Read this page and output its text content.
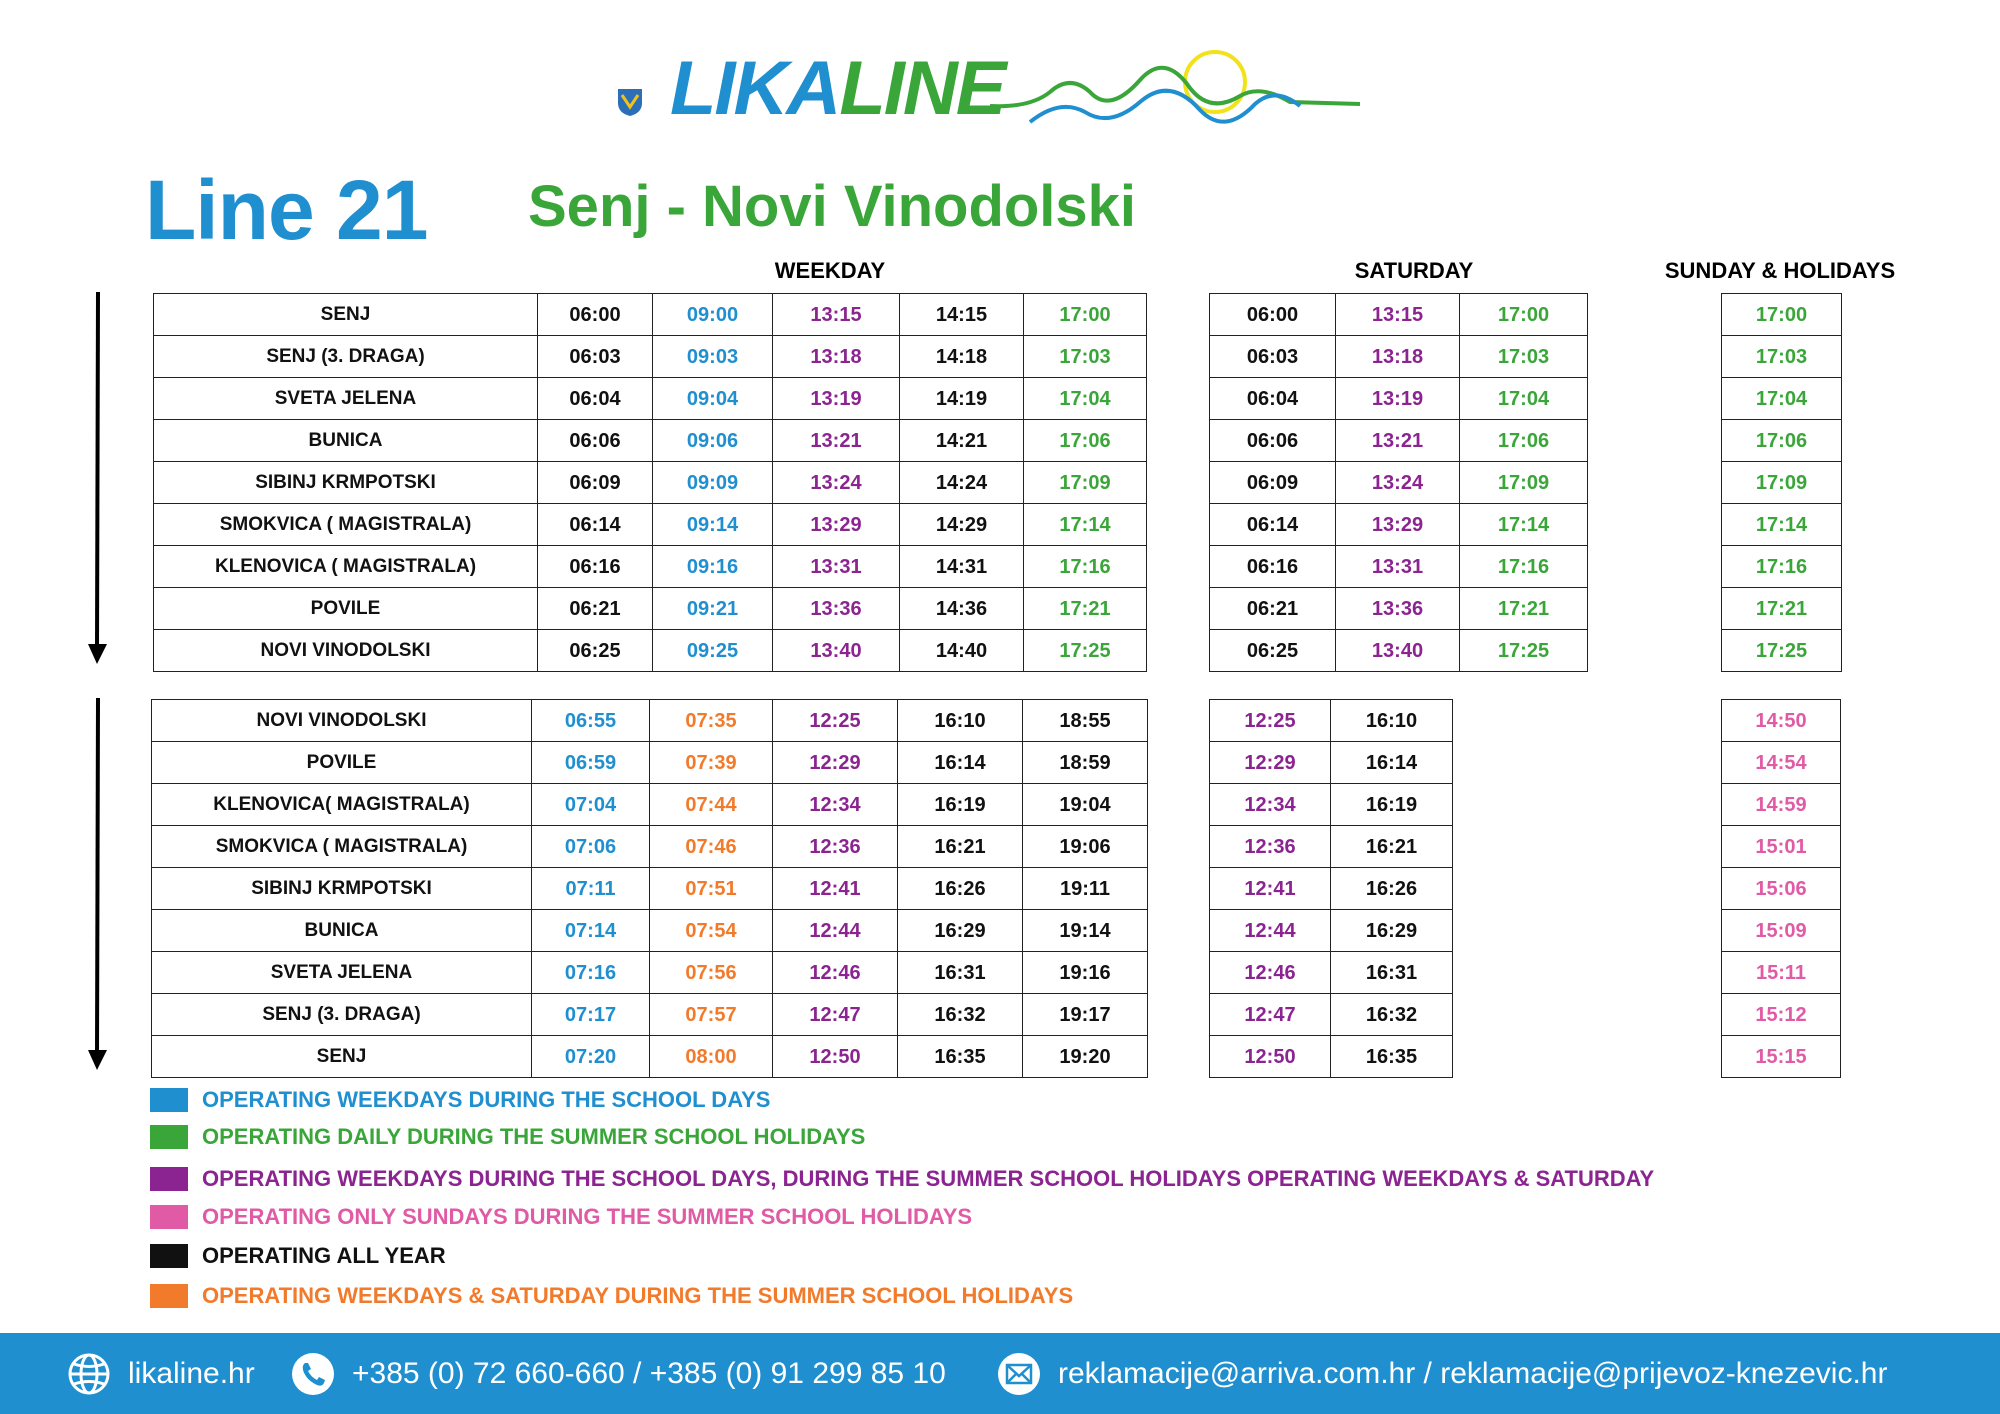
LIKALINE
Line 21 Senj - Novi Vinodolski
WEEKDAY	SATURDAY	SUNDAY & HOLIDAYS
SENJ	06:00	09:00	13:15	14:15	17:00
SENJ (3. DRAGA)	06:03	09:03	13:18	14:18	17:03
SVETA JELENA	06:04	09:04	13:19	14:19	17:04
BUNICA	06:06	09:06	13:21	14:21	17:06
SIBINJ KRMPOTSKI	06:09	09:09	13:24	14:24	17:09
SMOKVICA ( MAGISTRALA)	06:14	09:14	13:29	14:29	17:14
KLENOVICA ( MAGISTRALA)	06:16	09:16	13:31	14:31	17:16
POVILE	06:21	09:21	13:36	14:36	17:21
NOVI VINODOLSKI	06:25	09:25	13:40	14:40	17:25
06:00	13:15	17:00
06:03	13:18	17:03
06:04	13:19	17:04
06:06	13:21	17:06
06:09	13:24	17:09
06:14	13:29	17:14
06:16	13:31	17:16
06:21	13:36	17:21
06:25	13:40	17:25
17:00
17:03
17:04
17:06
17:09
17:14
17:16
17:21
17:25
NOVI VINODOLSKI	06:55	07:35	12:25	16:10	18:55
POVILE	06:59	07:39	12:29	16:14	18:59
KLENOVICA( MAGISTRALA)	07:04	07:44	12:34	16:19	19:04
SMOKVICA ( MAGISTRALA)	07:06	07:46	12:36	16:21	19:06
SIBINJ KRMPOTSKI	07:11	07:51	12:41	16:26	19:11
BUNICA	07:14	07:54	12:44	16:29	19:14
SVETA JELENA	07:16	07:56	12:46	16:31	19:16
SENJ (3. DRAGA)	07:17	07:57	12:47	16:32	19:17
SENJ	07:20	08:00	12:50	16:35	19:20
12:25	16:10
12:29	16:14
12:34	16:19
12:36	16:21
12:41	16:26
12:44	16:29
12:46	16:31
12:47	16:32
12:50	16:35
14:50
14:54
14:59
15:01
15:06
15:09
15:11
15:12
15:15
OPERATING WEEKDAYS DURING THE SCHOOL DAYS
OPERATING DAILY DURING THE SUMMER SCHOOL HOLIDAYS
OPERATING WEEKDAYS DURING THE SCHOOL DAYS, DURING THE SUMMER SCHOOL HOLIDAYS OPERATING WEEKDAYS & SATURDAY
OPERATING ONLY SUNDAYS DURING THE SUMMER SCHOOL HOLIDAYS
OPERATING ALL YEAR
OPERATING WEEKDAYS & SATURDAY DURING THE SUMMER SCHOOL HOLIDAYS
likaline.hr	+385 (0) 72 660-660 / +385 (0) 91 299 85 10	reklamacije@arriva.com.hr / reklamacije@prijevoz-knezevic.hr
